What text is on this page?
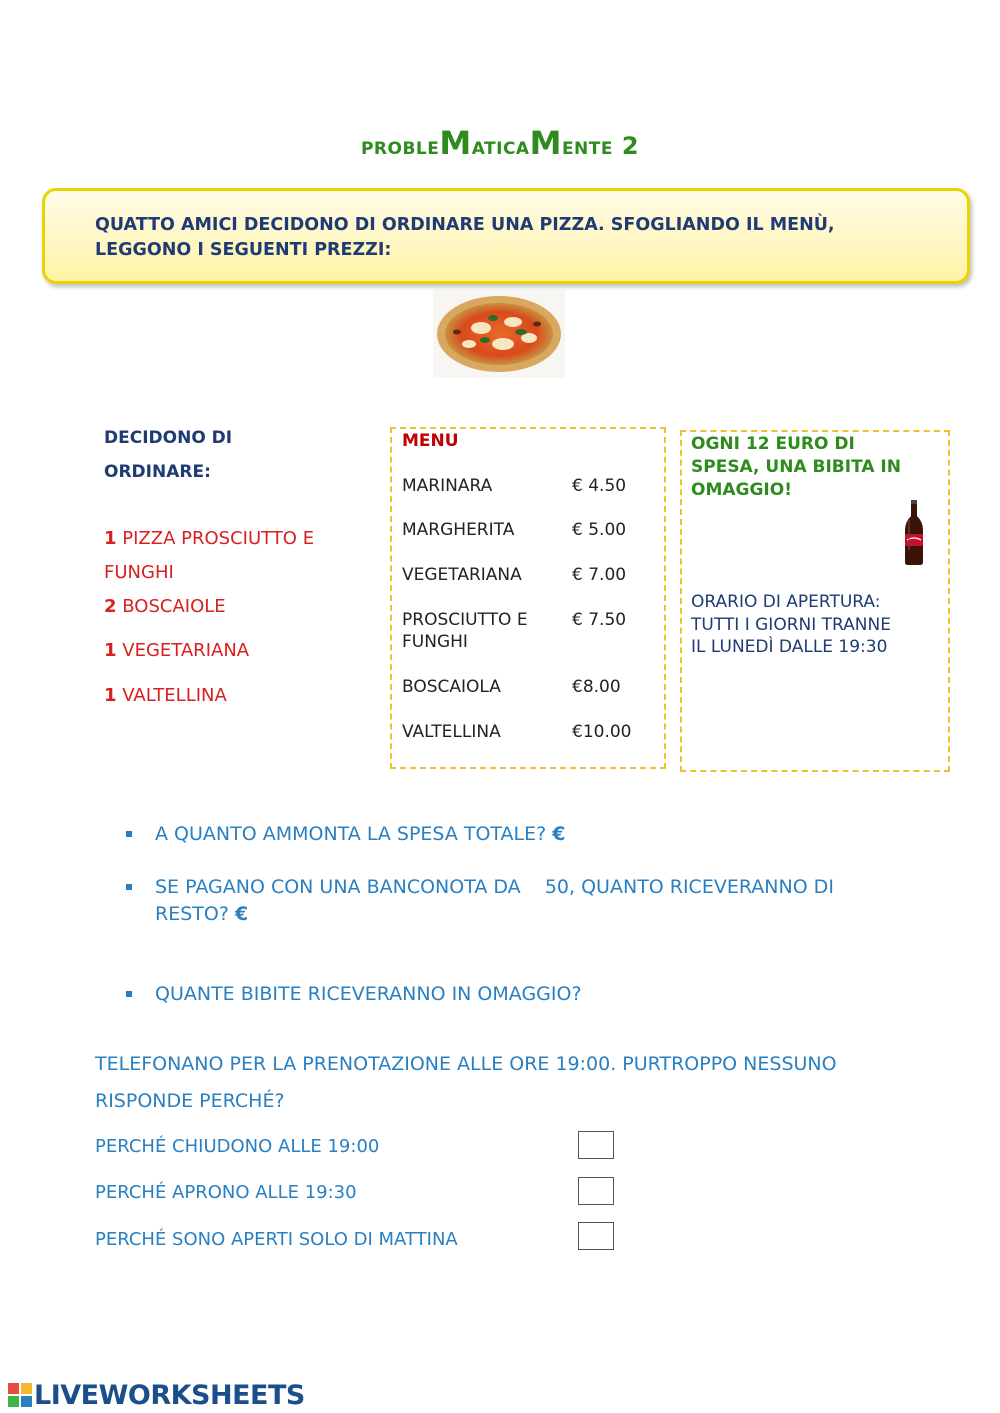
probleMaticaMente 2
QUATTO AMICI DECIDONO DI ORDINARE UNA PIZZA. SFOGLIANDO IL MENÙ,
LEGGONO I SEGUENTI PREZZI:
DECIDONO DI
ORDINARE:
1 PIZZA PROSCIUTTO E
FUNGHI
2 BOSCAIOLE
1 VEGETARIANA
1 VALTELLINA
MENU
MARINARA	€ 4.50
MARGHERITA	€ 5.00
VEGETARIANA	€ 7.00
PROSCIUTTO E
FUNGHI
€ 7.50
BOSCAIOLA	€8.00
VALTELLINA	€10.00
OGNI 12 EURO DI
SPESA, UNA BIBITA IN
OMAGGIO!
ORARIO DI APERTURA:
TUTTI I GIORNI TRANNE
IL LUNEDÌ DALLE 19:30
A QUANTO AMMONTA LA SPESA TOTALE? €
SE PAGANO CON UNA BANCONOTA DA    50, QUANTO RICEVERANNO DI
RESTO? €
QUANTE BIBITE RICEVERANNO IN OMAGGIO?
TELEFONANO PER LA PRENOTAZIONE ALLE ORE 19:00. PURTROPPO NESSUNO
RISPONDE PERCHÉ?
PERCHÉ CHIUDONO ALLE 19:00
PERCHÉ APRONO ALLE 19:30
PERCHÉ SONO APERTI SOLO DI MATTINA
LIVEWORKSHEETS
